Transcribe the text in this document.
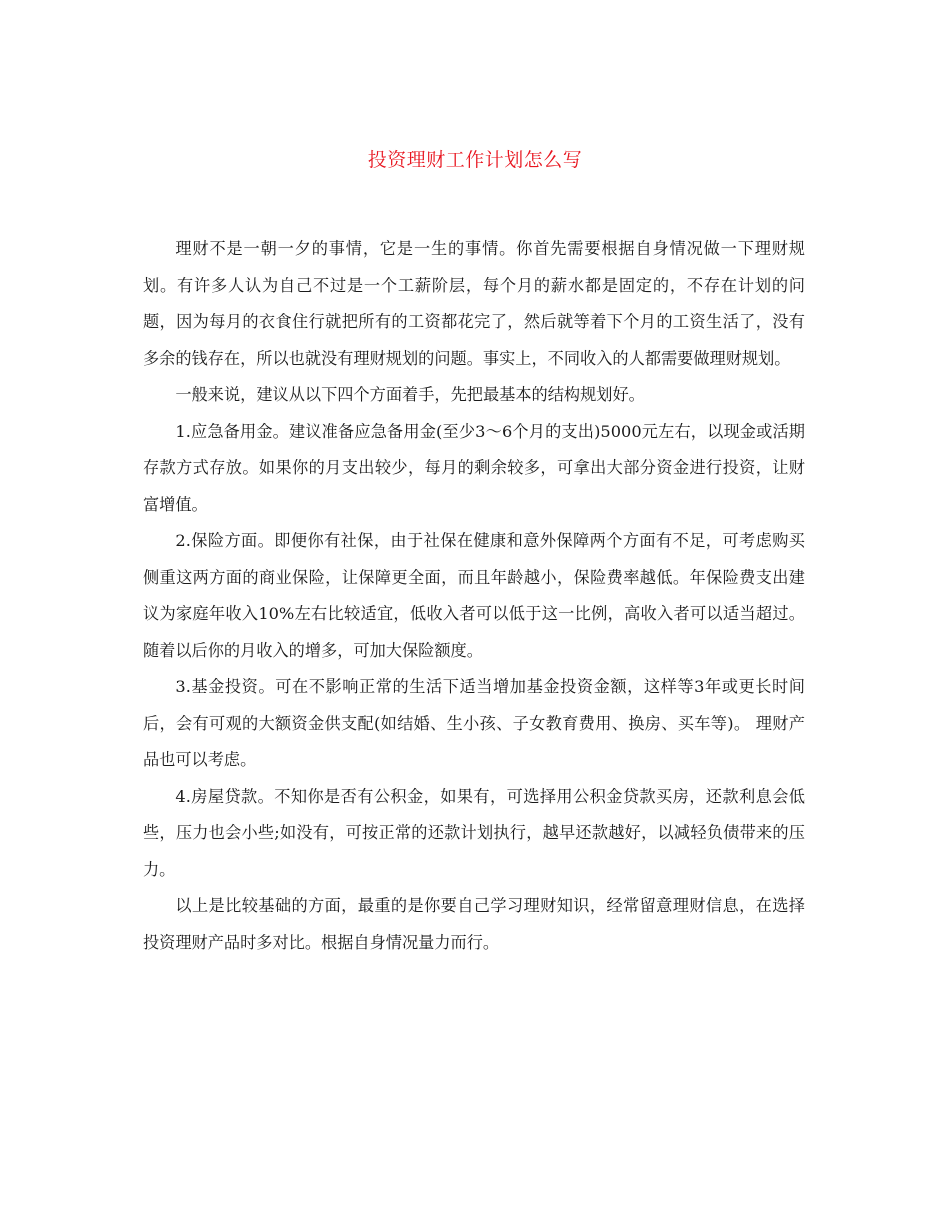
投资理财工作计划怎么写

理财不是一朝一夕的事情，它是一生的事情。你首先需要根据自身情况做一下理财规划。有许多人认为自己不过是一个工薪阶层，每个月的薪水都是固定的，不存在计划的问题，因为每月的衣食住行就把所有的工资都花完了，然后就等着下个月的工资生活了，没有多余的钱存在，所以也就没有理财规划的问题。事实上，不同收入的人都需要做理财规划。

一般来说，建议从以下四个方面着手，先把最基本的结构规划好。

1.应急备用金。建议准备应急备用金(至少3～6个月的支出)5000元左右，以现金或活期存款方式存放。如果你的月支出较少，每月的剩余较多，可拿出大部分资金进行投资，让财富增值。

2.保险方面。即便你有社保，由于社保在健康和意外保障两个方面有不足，可考虑购买侧重这两方面的商业保险，让保障更全面，而且年龄越小，保险费率越低。年保险费支出建议为家庭年收入10%左右比较适宜，低收入者可以低于这一比例，高收入者可以适当超过。随着以后你的月收入的增多，可加大保险额度。

3.基金投资。可在不影响正常的生活下适当增加基金投资金额，这样等3年或更长时间后，会有可观的大额资金供支配(如结婚、生小孩、子女教育费用、换房、买车等)。 理财产品也可以考虑。

4.房屋贷款。不知你是否有公积金，如果有，可选择用公积金贷款买房，还款利息会低些，压力也会小些;如没有，可按正常的还款计划执行，越早还款越好，以减轻负债带来的压力。

以上是比较基础的方面，最重的是你要自己学习理财知识，经常留意理财信息，在选择投资理财产品时多对比。根据自身情况量力而行。
